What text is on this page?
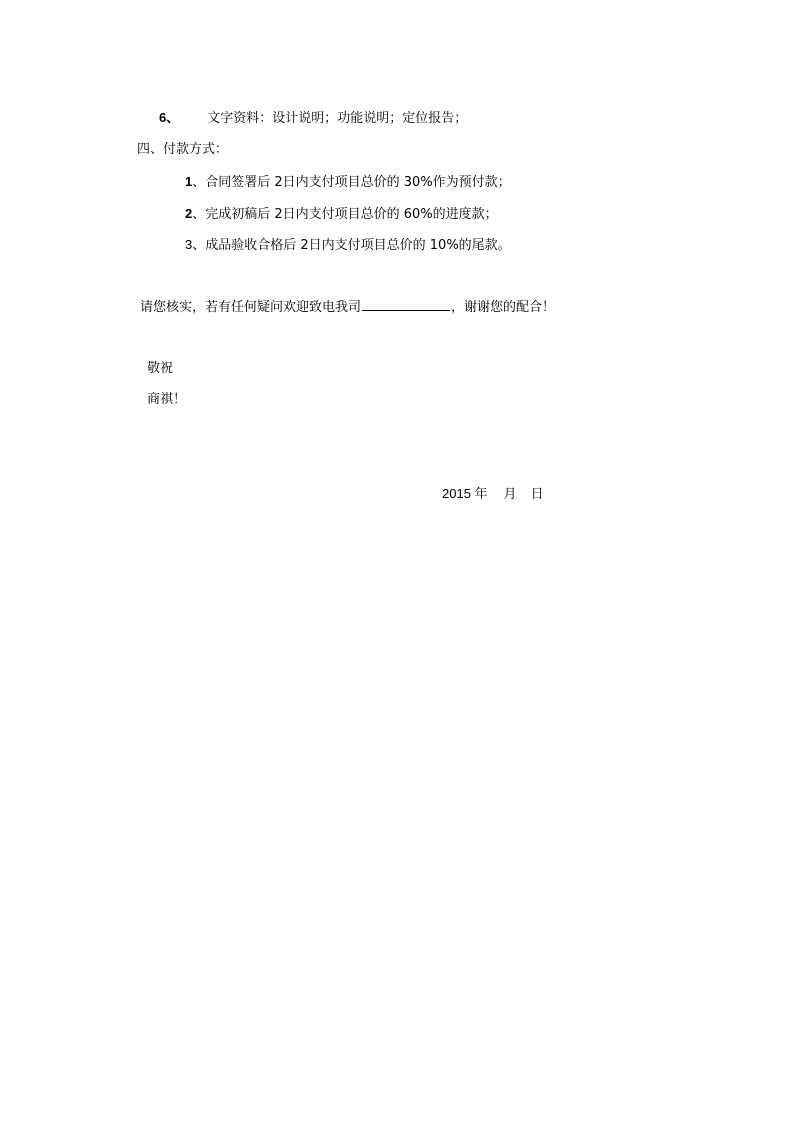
6、 文字资料：设计说明；功能说明；定位报告；
四、付款方式：
1、合同签署后 2日内支付项目总价的 30%作为预付款；
2、完成初稿后 2日内支付项目总价的 60%的进度款；
3、成品验收合格后 2日内支付项目总价的 10%的尾款。
请您核实，若有任何疑问欢迎致电我司	，谢谢您的配合！
敬祝
商祺！
2015 年 月 日
